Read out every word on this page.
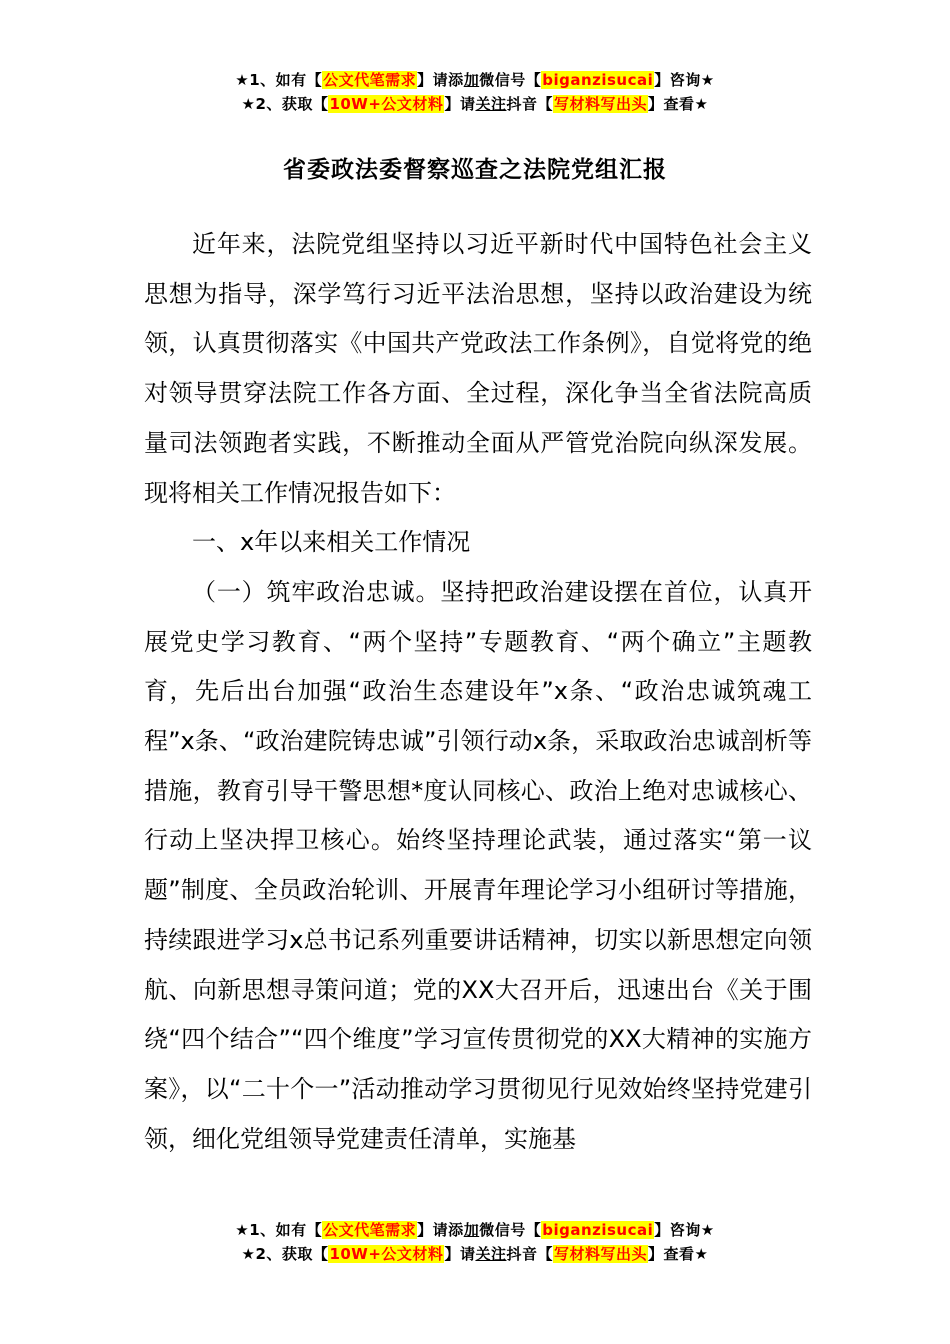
★1、如有【公文代笔需求】请添加微信号【biganzisucai】咨询★
★2、获取【10W+公文材料】请关注抖音【写材料写出头】查看★
省委政法委督察巡查之法院党组汇报

近年来，法院党组坚持以习近平新时代中国特色社会主义思想为指导，深学笃行习近平法治思想，坚持以政治建设为统领，认真贯彻落实《中国共产党政法工作条例》，自觉将党的绝对领导贯穿法院工作各方面、全过程，深化争当全省法院高质量司法领跑者实践，不断推动全面从严管党治院向纵深发展。现将相关工作情况报告如下：

一、x年以来相关工作情况

（一）筑牢政治忠诚。坚持把政治建设摆在首位，认真开展党史学习教育、“两个坚持”专题教育、“两个确立”主题教育，先后出台加强“政治生态建设年”x条、“政治忠诚筑魂工程”x条、“政治建院铸忠诚”引领行动x条，采取政治忠诚剖析等措施，教育引导干警思想*度认同核心、政治上绝对忠诚核心、行动上坚决捍卫核心。始终坚持理论武装，通过落实“第一议题”制度、全员政治轮训、开展青年理论学习小组研讨等措施，持续跟进学习x总书记系列重要讲话精神，切实以新思想定向领航、向新思想寻策问道；党的XX大召开后，迅速出台《关于围绕“四个结合”“四个维度”学习宣传贯彻党的XX大精神的实施方案》，以“二十个一”活动推动学习贯彻见行见效始终坚持党建引领，细化党组领导党建责任清单，实施基

★1、如有【公文代笔需求】请添加微信号【biganzisucai】咨询★
★2、获取【10W+公文材料】请关注抖音【写材料写出头】查看★
